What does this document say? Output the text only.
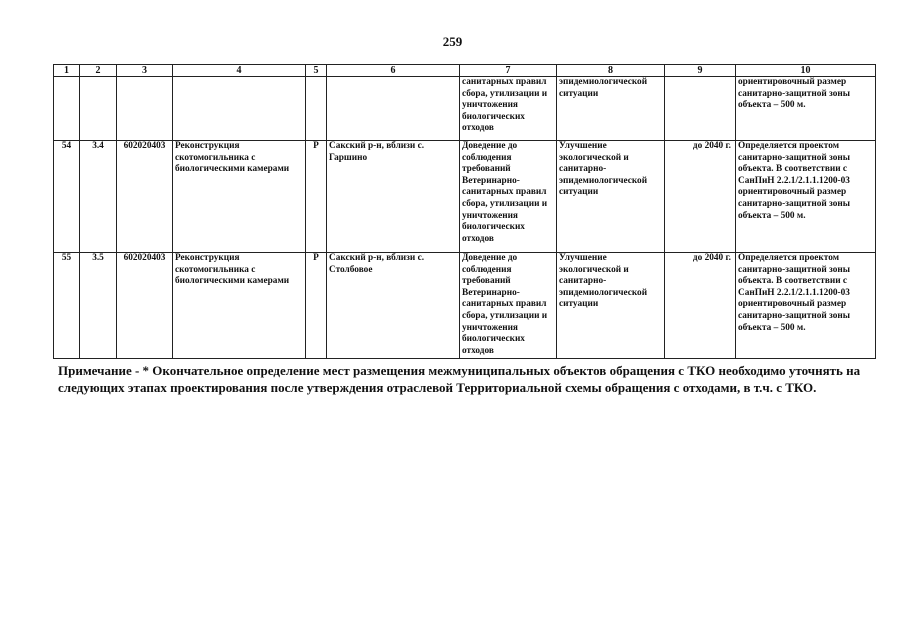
259
1	2	3	4	5	6	7	8	9	10
						санитарных правил сбора, утилизации и уничтожения биологических отходов	эпидемиологической ситуации		ориентировочный размер санитарно-защитной зоны объекта – 500 м.
54	3.4	602020403	Реконструкция скотомогильника с биологическими камерами	Р	Сакский р-н, вблизи с. Гаршино	Доведение до соблюдения требований Ветеринарно-санитарных правил сбора, утилизации и уничтожения биологических отходов	Улучшение экологической и санитарно-эпидемиологической ситуации	до 2040 г.	Определяется проектом санитарно-защитной зоны объекта. В соответствии с СанПиН 2.2.1/2.1.1.1200-03 ориентировочный размер санитарно-защитной зоны объекта – 500 м.
55	3.5	602020403	Реконструкция скотомогильника с биологическими камерами	Р	Сакский р-н, вблизи с. Столбовое	Доведение до соблюдения требований Ветеринарно-санитарных правил сбора, утилизации и уничтожения биологических отходов	Улучшение экологической и санитарно-эпидемиологической ситуации	до 2040 г.	Определяется проектом санитарно-защитной зоны объекта. В соответствии с СанПиН 2.2.1/2.1.1.1200-03 ориентировочный размер санитарно-защитной зоны объекта – 500 м.
Примечание - * Окончательное определение мест размещения межмуниципальных объектов обращения с ТКО необходимо уточнять на следующих этапах проектирования после утверждения отраслевой Территориальной схемы обращения с отходами, в т.ч. с ТКО.
